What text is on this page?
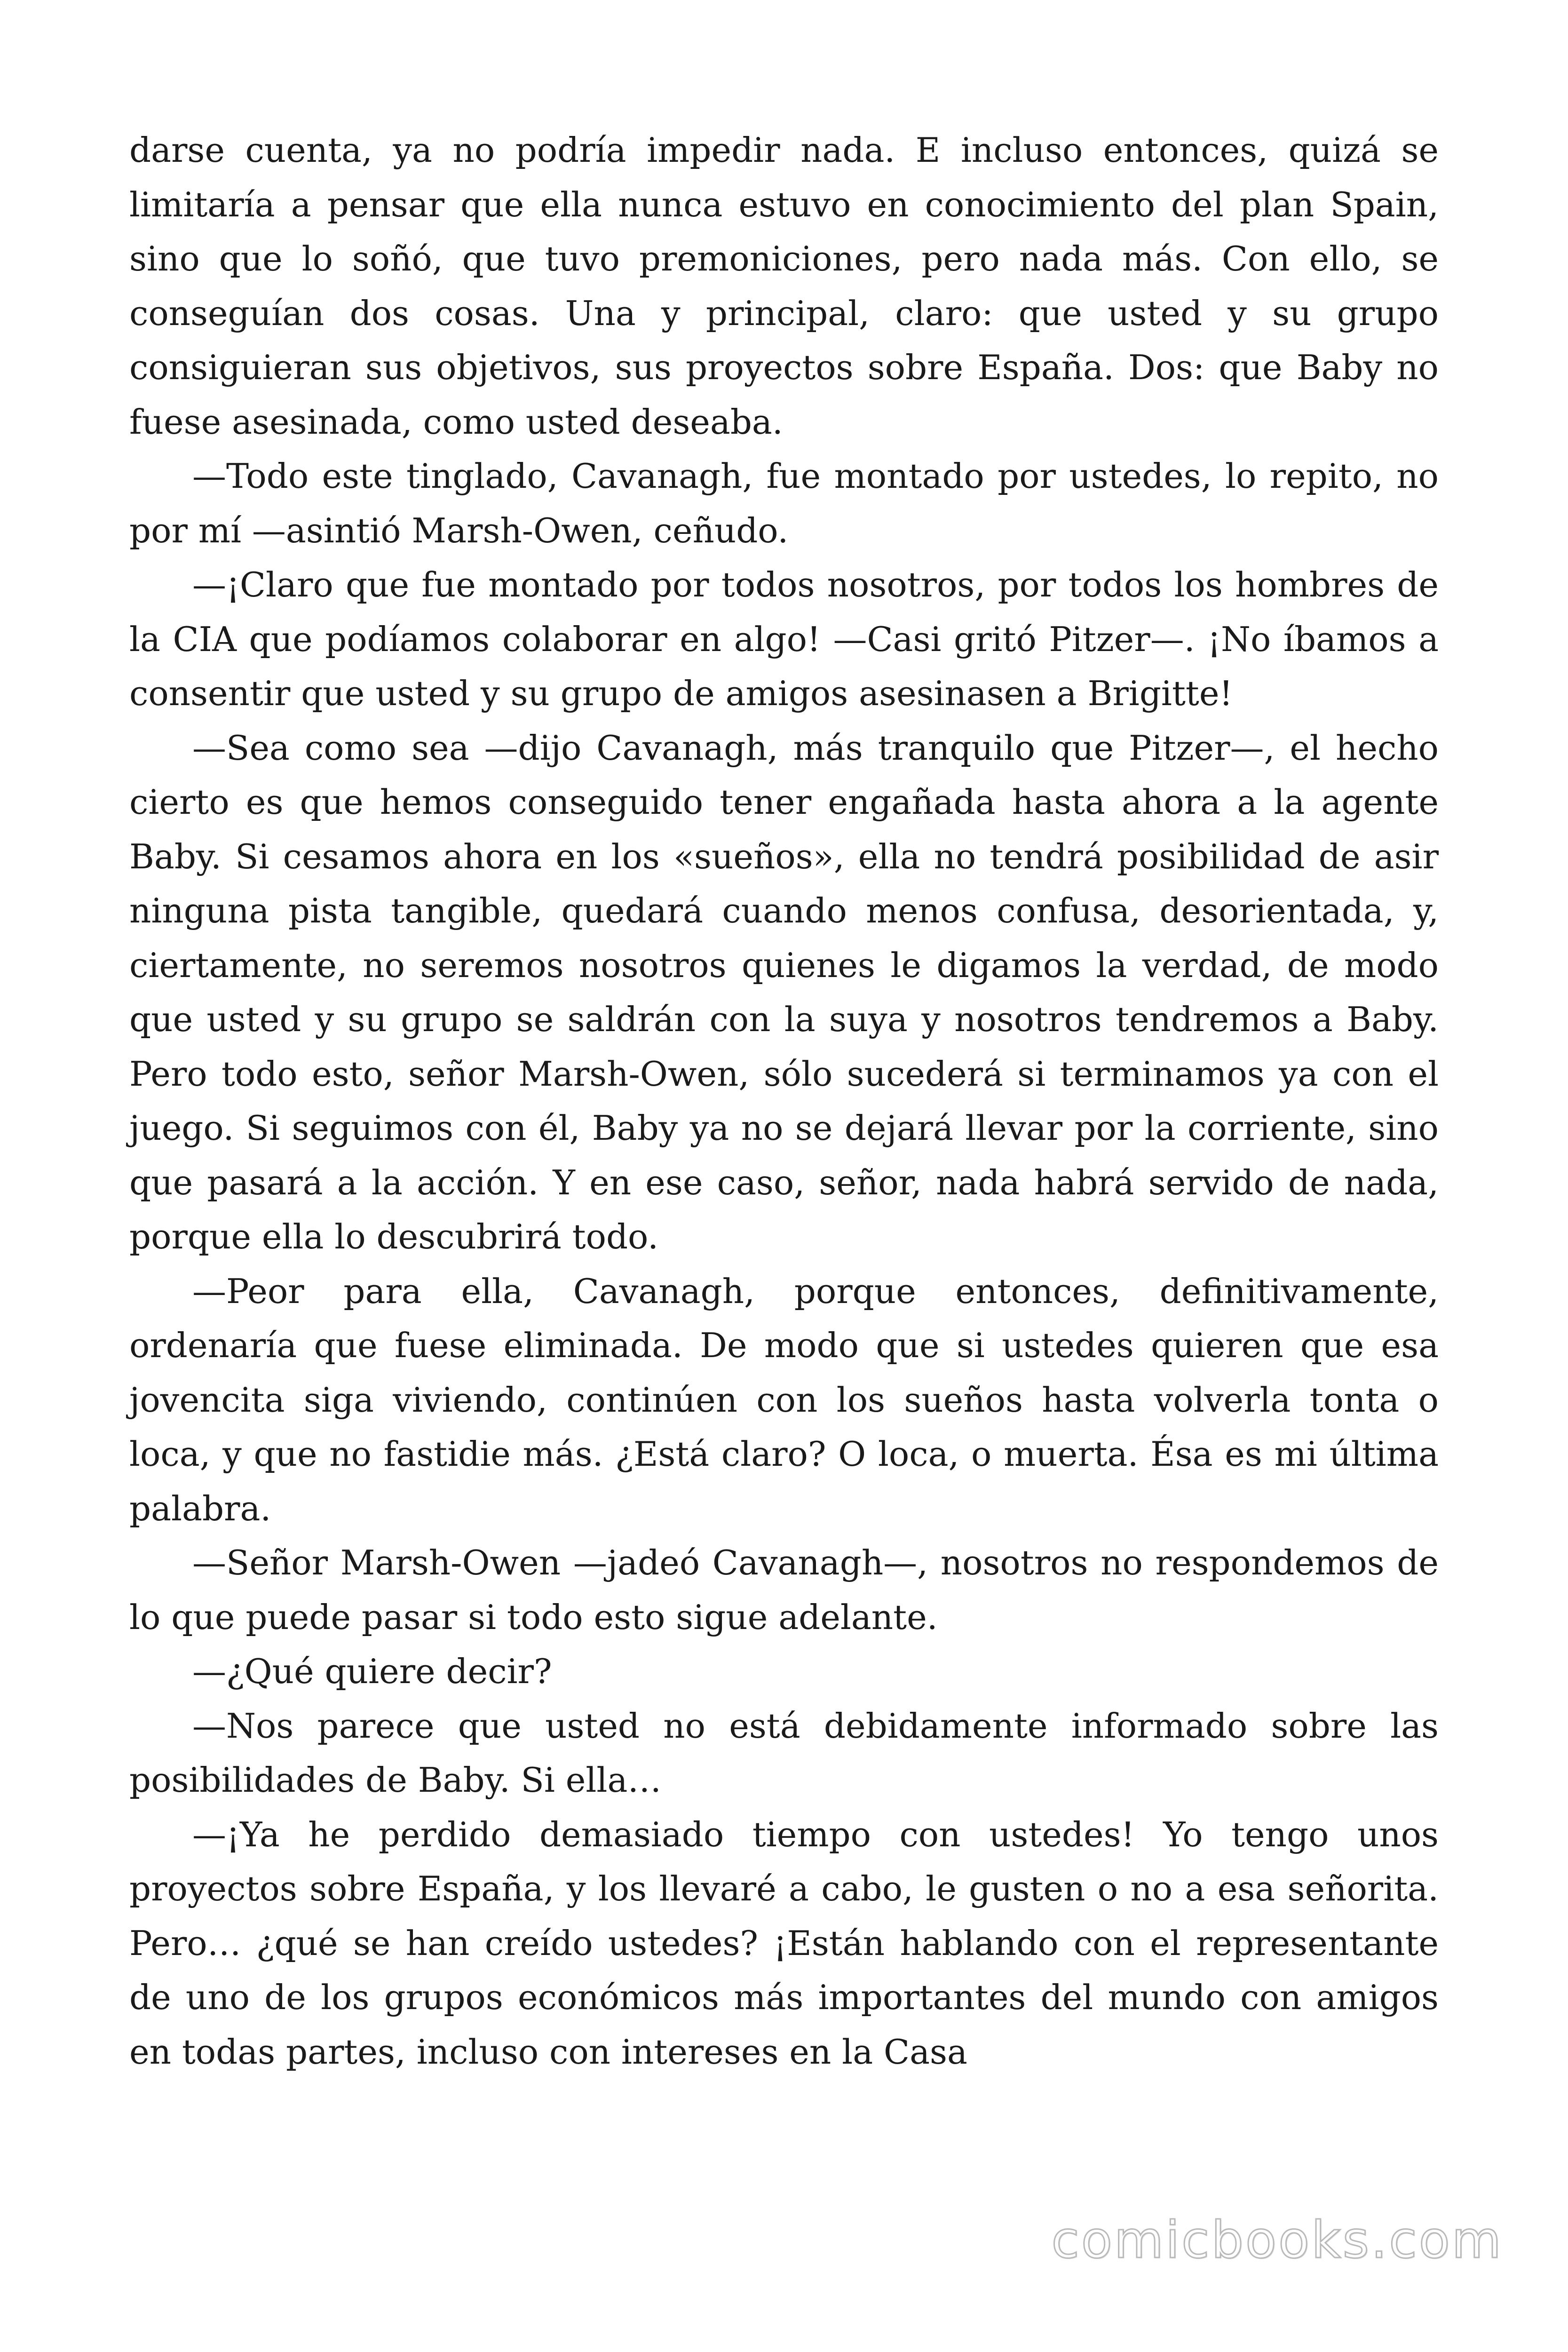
darse cuenta, ya no podría impedir nada. E incluso entonces, quizá se limitaría a pensar que ella nunca estuvo en conocimiento del plan Spain, sino que lo soñó, que tuvo premoniciones, pero nada más. Con ello, se conseguían dos cosas. Una y principal, claro: que usted y su grupo consiguieran sus objetivos, sus proyectos sobre España. Dos: que Baby no fuese asesinada, como usted deseaba.

—Todo este tinglado, Cavanagh, fue montado por ustedes, lo repito, no por mí —asintió Marsh-Owen, ceñudo.

—¡Claro que fue montado por todos nosotros, por todos los hombres de la CIA que podíamos colaborar en algo! —Casi gritó Pitzer—. ¡No íbamos a consentir que usted y su grupo de amigos asesinasen a Brigitte!

—Sea como sea —dijo Cavanagh, más tranquilo que Pitzer—, el hecho cierto es que hemos conseguido tener engañada hasta ahora a la agente Baby. Si cesamos ahora en los «sueños», ella no tendrá posibilidad de asir ninguna pista tangible, quedará cuando menos confusa, desorientada, y, ciertamente, no seremos nosotros quienes le digamos la verdad, de modo que usted y su grupo se saldrán con la suya y nosotros tendremos a Baby. Pero todo esto, señor Marsh-Owen, sólo sucederá si terminamos ya con el juego. Si seguimos con él, Baby ya no se dejará llevar por la corriente, sino que pasará a la acción. Y en ese caso, señor, nada habrá servido de nada, porque ella lo descubrirá todo.

—Peor para ella, Cavanagh, porque entonces, definitivamente, ordenaría que fuese eliminada. De modo que si ustedes quieren que esa jovencita siga viviendo, continúen con los sueños hasta volverla tonta o loca, y que no fastidie más. ¿Está claro? O loca, o muerta. Ésa es mi última palabra.

—Señor Marsh-Owen —jadeó Cavanagh—, nosotros no respondemos de lo que puede pasar si todo esto sigue adelante.

—¿Qué quiere decir?

—Nos parece que usted no está debidamente informado sobre las posibilidades de Baby. Si ella…

—¡Ya he perdido demasiado tiempo con ustedes! Yo tengo unos proyectos sobre España, y los llevaré a cabo, le gusten o no a esa señorita. Pero… ¿qué se han creído ustedes? ¡Están hablando con el representante de uno de los grupos económicos más importantes del mundo con amigos en todas partes, incluso con intereses en la Casa

comicbooks.com
